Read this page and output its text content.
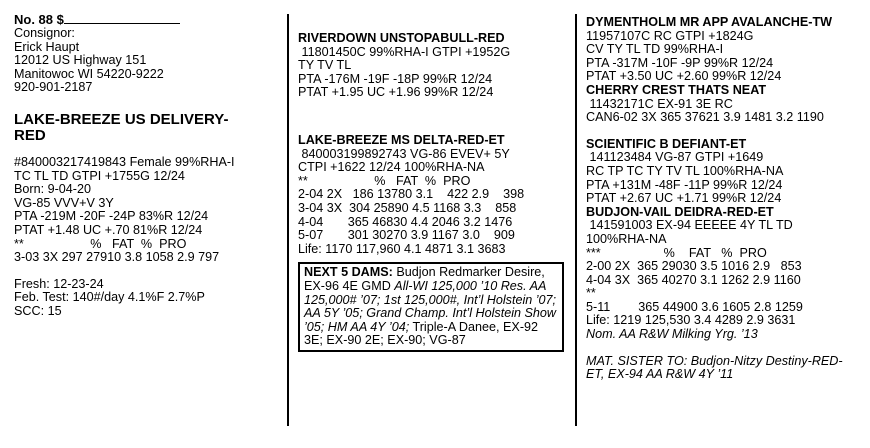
No. 88 $
Consignor:
Erick Haupt
12012 US Highway 151
Manitowoc WI 54220-9222
920-901-2187
LAKE-BREEZE US DELIVERY-
RED
#840003217419843 Female 99%RHA-I
TC TL TD GTPI +1755G 12/24
Born: 9-04-20
VG-85 VVV+V 3Y
PTA -219M -20F -24P 83%R 12/24
PTAT +1.48 UC +.70 81%R 12/24
**                   %   FAT  %  PRO
3-03 3X 297 27910 3.8 1058 2.9 797
Fresh: 12-23-24
Feb. Test: 140#/day 4.1%F 2.7%P
SCC: 15
RIVERDOWN UNSTOPABULL-RED
11801450C 99%RHA-I GTPI +1952G
TY TV TL
PTA -176M -19F -18P 99%R 12/24
PTAT +1.95 UC +1.96 99%R 12/24
LAKE-BREEZE MS DELTA-RED-ET
840003199892743 VG-86 EVEV+ 5Y
CTPI +1622 12/24 100%RHA-NA
**                   %   FAT  %  PRO
2-04 2X   186 13780 3.1    422 2.9    398
3-04 3X  304 25890 4.5 1168 3.3    858
4-04       365 46830 4.4 2046 3.2 1476
5-07       301 30270 3.9 1167 3.0    909
Life: 1170 117,960 4.1 4871 3.1 3683
NEXT 5 DAMS: Budjon Redmarker Desire, EX-96 4E GMD All-WI 125,000 ’10 Res. AA 125,000# ’07; 1st 125,000#, Int’l Holstein ’07; AA 5Y ’05; Grand Champ. Int’l Holstein Show ’05; HM AA 4Y ’04; Triple-A Danee, EX-92 3E; EX-90 2E; EX-90; VG-87
DYMENTHOLM MR APP AVALANCHE-TW
11957107C RC GTPI +1824G
CV TY TL TD 99%RHA-I
PTA -317M -10F -9P 99%R 12/24
PTAT +3.50 UC +2.60 99%R 12/24
CHERRY CREST THATS NEAT
11432171C EX-91 3E RC
CAN6-02 3X 365 37621 3.9 1481 3.2 1190
SCIENTIFIC B DEFIANT-ET
141123484 VG-87 GTPI +1649
RC TP TC TY TV TL 100%RHA-NA
PTA +131M -48F -11P 99%R 12/24
PTAT +2.67 UC +1.71 99%R 12/24
BUDJON-VAIL DEIDRA-RED-ET
141591003 EX-94 EEEEE 4Y TL TD
100%RHA-NA
***                  %    FAT   %  PRO
2-00 2X  365 29030 3.5 1016 2.9   853
4-04 3X  365 40270 3.1 1262 2.9 1160
**
5-11        365 44900 3.6 1605 2.8 1259
Life: 1219 125,530 3.4 4289 2.9 3631
Nom. AA R&W Milking Yrg. ’13
MAT. SISTER TO: Budjon-Nitzy Destiny-RED-ET, EX-94 AA R&W 4Y ’11
